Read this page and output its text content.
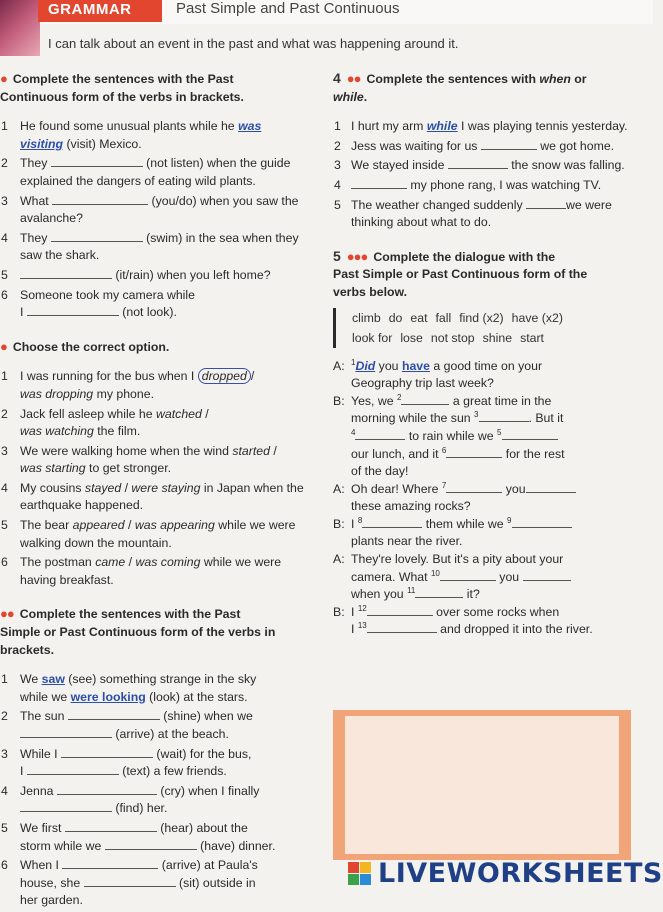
GRAMMAR	Past Simple and Past Continuous
I can talk about an event in the past and what was happening around it.
● Complete the sentences with the Past
Continuous form of the verbs in brackets.
1 He found some unusual plants while he was
visiting (visit) Mexico.
2 They	(not listen) when the guide explained the dangers of eating wild plants.
3 What	(you/do) when you saw the avalanche?
4 They	(swim) in the sea when they saw the shark.
5	(it/rain) when you left home?
6 Someone took my camera while
I	(not look).
● Choose the correct option.
1 I was running for the bus when I dropped /
was dropping my phone.
2 Jack fell asleep while he watched /
was watching the film.
3 We were walking home when the wind started /
was starting to get stronger.
4 My cousins stayed / were staying in Japan when the earthquake happened.
5 The bear appeared / was appearing while we were walking down the mountain.
6 The postman came / was coming while we were having breakfast.
●● Complete the sentences with the Past
Simple or Past Continuous form of the verbs in
brackets.
1 We saw (see) something strange in the sky
while we were looking (look) at the stars.
2 The sun	(shine) when we
(arrive) at the beach.
3 While I	(wait) for the bus,
I	(text) a few friends.
4 Jenna	(cry) when I finally
(find) her.
5 We first	(hear) about the
storm while we	(have) dinner.
6 When I	(arrive) at Paula's
house, she	(sit) outside in
her garden.
4 ●● Complete the sentences with when or
while.
1 I hurt my arm while I was playing tennis yesterday.
2 Jess was waiting for us	we got home.
3 We stayed inside	the snow was falling.
4	my phone rang, I was watching TV.
5 The weather changed suddenly	we were thinking about what to do.
5 ●●● Complete the dialogue with the
Past Simple or Past Continuous form of the
verbs below.
climb do eat fall find (x2) have (x2)
look for lose not stop shine start
A: $^1$Did you have a good time on your
Geography trip last week?
B: Yes, we $^2$	a great time in the
morning while the sun $^3$	. But it
$^4$	to rain while we $^5$
our lunch, and it $^6$	for the rest
of the day!
A: Oh dear! Where $^7$	you
these amazing rocks?
B: I $^8$	them while we $^9$
plants near the river.
A: They're lovely. But it's a pity about your
camera. What $^{10}$	you
when you $^{11}$	it?
B: I $^{12}$	over some rocks when
I $^{13}$	and dropped it into the river.
LIVEWORKSHEETS
